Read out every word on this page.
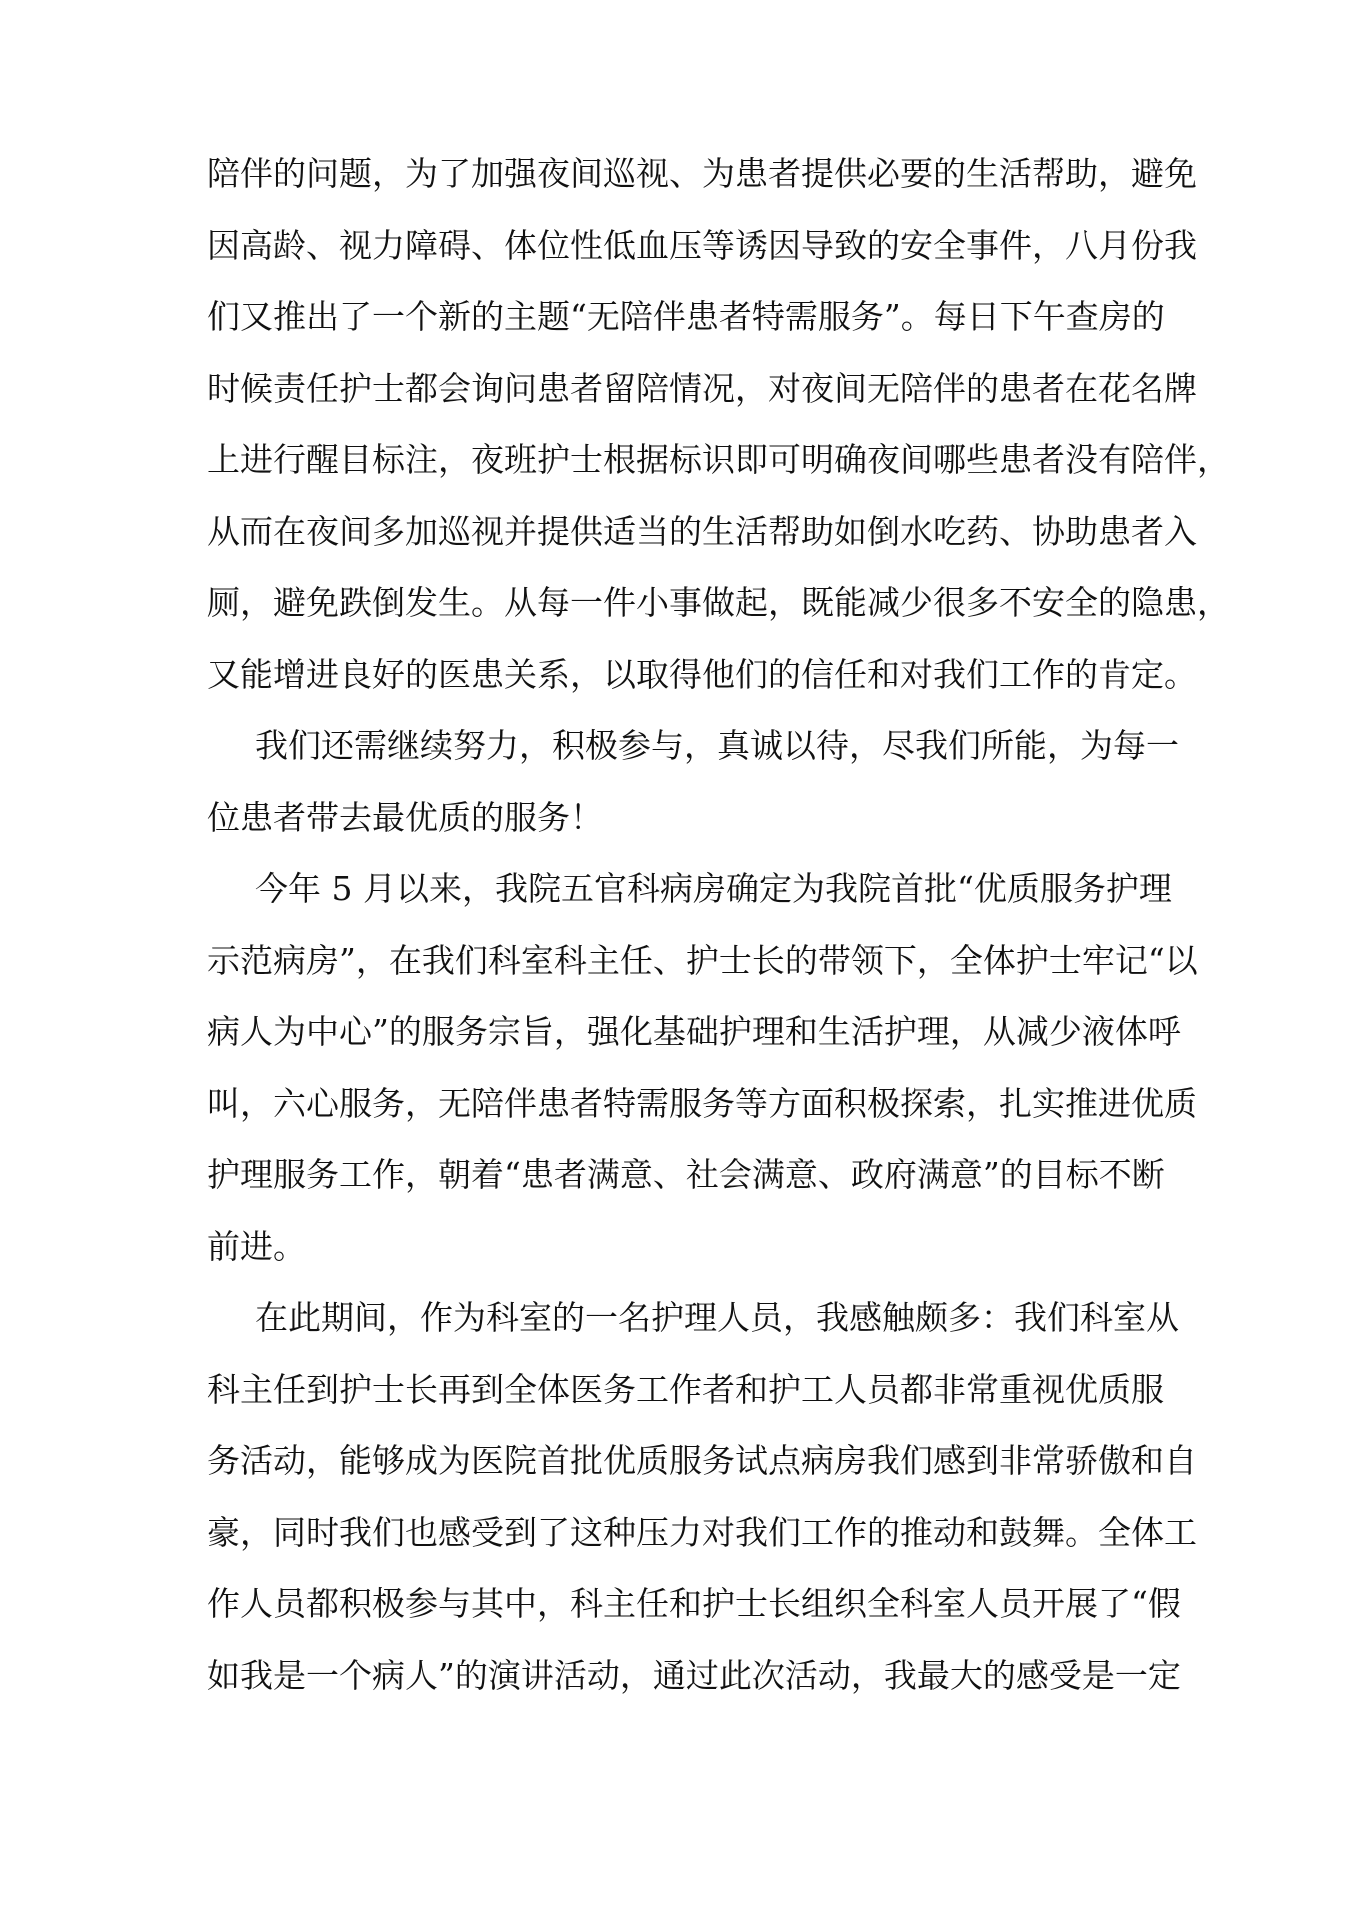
陪伴的问题，为了加强夜间巡视、为患者提供必要的生活帮助，避免
因高龄、视力障碍、体位性低血压等诱因导致的安全事件，八月份我
们又推出了一个新的主题“无陪伴患者特需服务”。每日下午查房的
时候责任护士都会询问患者留陪情况，对夜间无陪伴的患者在花名牌
上进行醒目标注，夜班护士根据标识即可明确夜间哪些患者没有陪伴，
从而在夜间多加巡视并提供适当的生活帮助如倒水吃药、协助患者入
厕，避免跌倒发生。从每一件小事做起，既能减少很多不安全的隐患，
又能增进良好的医患关系，以取得他们的信任和对我们工作的肯定。
我们还需继续努力，积极参与，真诚以待，尽我们所能，为每一
位患者带去最优质的服务！
今年 5 月以来，我院五官科病房确定为我院首批“优质服务护理
示范病房”，在我们科室科主任、护士长的带领下，全体护士牢记“以
病人为中心”的服务宗旨，强化基础护理和生活护理，从减少液体呼
叫，六心服务，无陪伴患者特需服务等方面积极探索，扎实推进优质
护理服务工作，朝着“患者满意、社会满意、政府满意”的目标不断
前进。
在此期间，作为科室的一名护理人员，我感触颇多：我们科室从
科主任到护士长再到全体医务工作者和护工人员都非常重视优质服
务活动，能够成为医院首批优质服务试点病房我们感到非常骄傲和自
豪，同时我们也感受到了这种压力对我们工作的推动和鼓舞。全体工
作人员都积极参与其中，科主任和护士长组织全科室人员开展了“假
如我是一个病人”的演讲活动，通过此次活动，我最大的感受是一定
